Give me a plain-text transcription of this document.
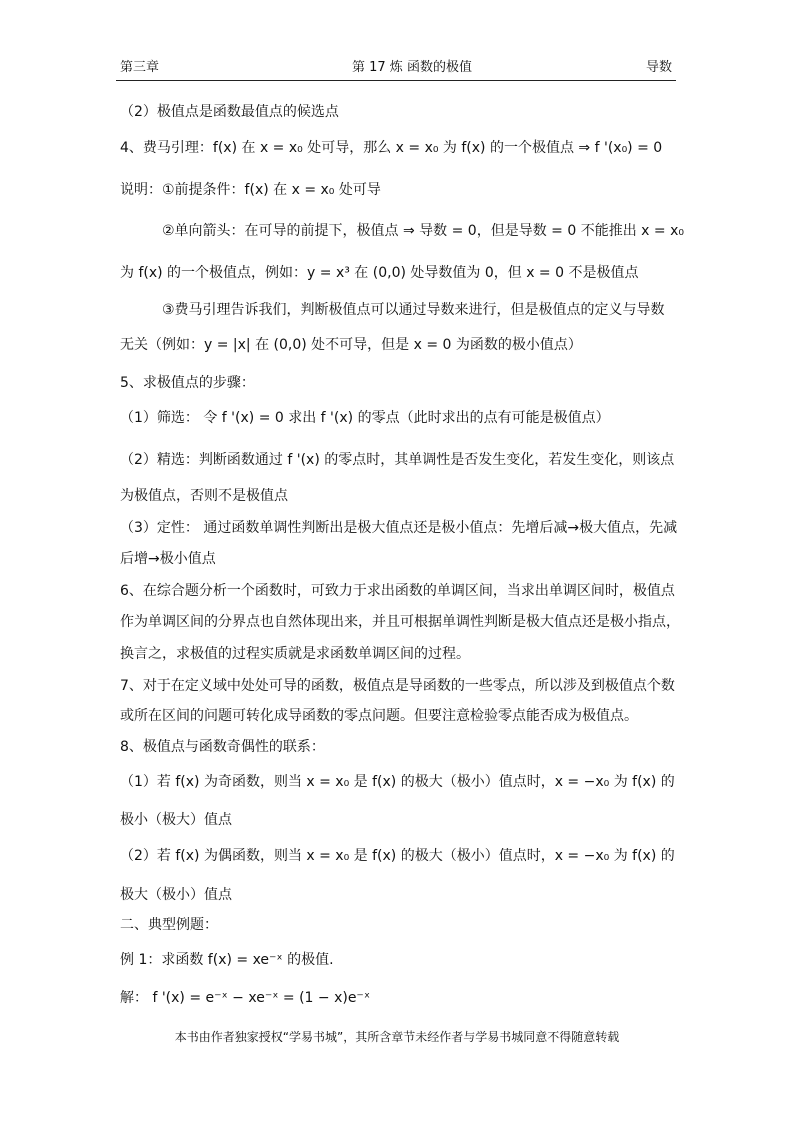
第三章	第 17 炼 函数的极值	导数
（2）极值点是函数最值点的候选点
4、费马引理：f(x) 在 x = x₀ 处可导，那么 x = x₀ 为 f(x) 的一个极值点 ⇒ f '(x₀) = 0
说明：①前提条件：f(x) 在 x = x₀ 处可导
②单向箭头：在可导的前提下，极值点 ⇒ 导数 = 0，但是导数 = 0 不能推出 x = x₀
为 f(x) 的一个极值点，例如：y = x³ 在 (0,0) 处导数值为 0，但 x = 0 不是极值点
③费马引理告诉我们，判断极值点可以通过导数来进行，但是极值点的定义与导数
无关（例如：y = |x| 在 (0,0) 处不可导，但是 x = 0 为函数的极小值点）
5、求极值点的步骤：
（1）筛选： 令 f '(x) = 0 求出 f '(x) 的零点（此时求出的点有可能是极值点）
（2）精选：判断函数通过 f '(x) 的零点时，其单调性是否发生变化，若发生变化，则该点
为极值点，否则不是极值点
（3）定性： 通过函数单调性判断出是极大值点还是极小值点：先增后减→极大值点，先减
后增→极小值点
6、在综合题分析一个函数时，可致力于求出函数的单调区间，当求出单调区间时，极值点
作为单调区间的分界点也自然体现出来，并且可根据单调性判断是极大值点还是极小指点，
换言之，求极值的过程实质就是求函数单调区间的过程。
7、对于在定义域中处处可导的函数，极值点是导函数的一些零点，所以涉及到极值点个数
或所在区间的问题可转化成导函数的零点问题。但要注意检验零点能否成为极值点。
8、极值点与函数奇偶性的联系：
（1）若 f(x) 为奇函数，则当 x = x₀ 是 f(x) 的极大（极小）值点时，x = −x₀ 为 f(x) 的
极小（极大）值点
（2）若 f(x) 为偶函数，则当 x = x₀ 是 f(x) 的极大（极小）值点时，x = −x₀ 为 f(x) 的
极大（极小）值点
二、典型例题：
例 1：求函数 f(x) = xe⁻ˣ 的极值.
解： f '(x) = e⁻ˣ − xe⁻ˣ = (1 − x)e⁻ˣ
本书由作者独家授权“学易书城”，其所含章节未经作者与学易书城同意不得随意转载
